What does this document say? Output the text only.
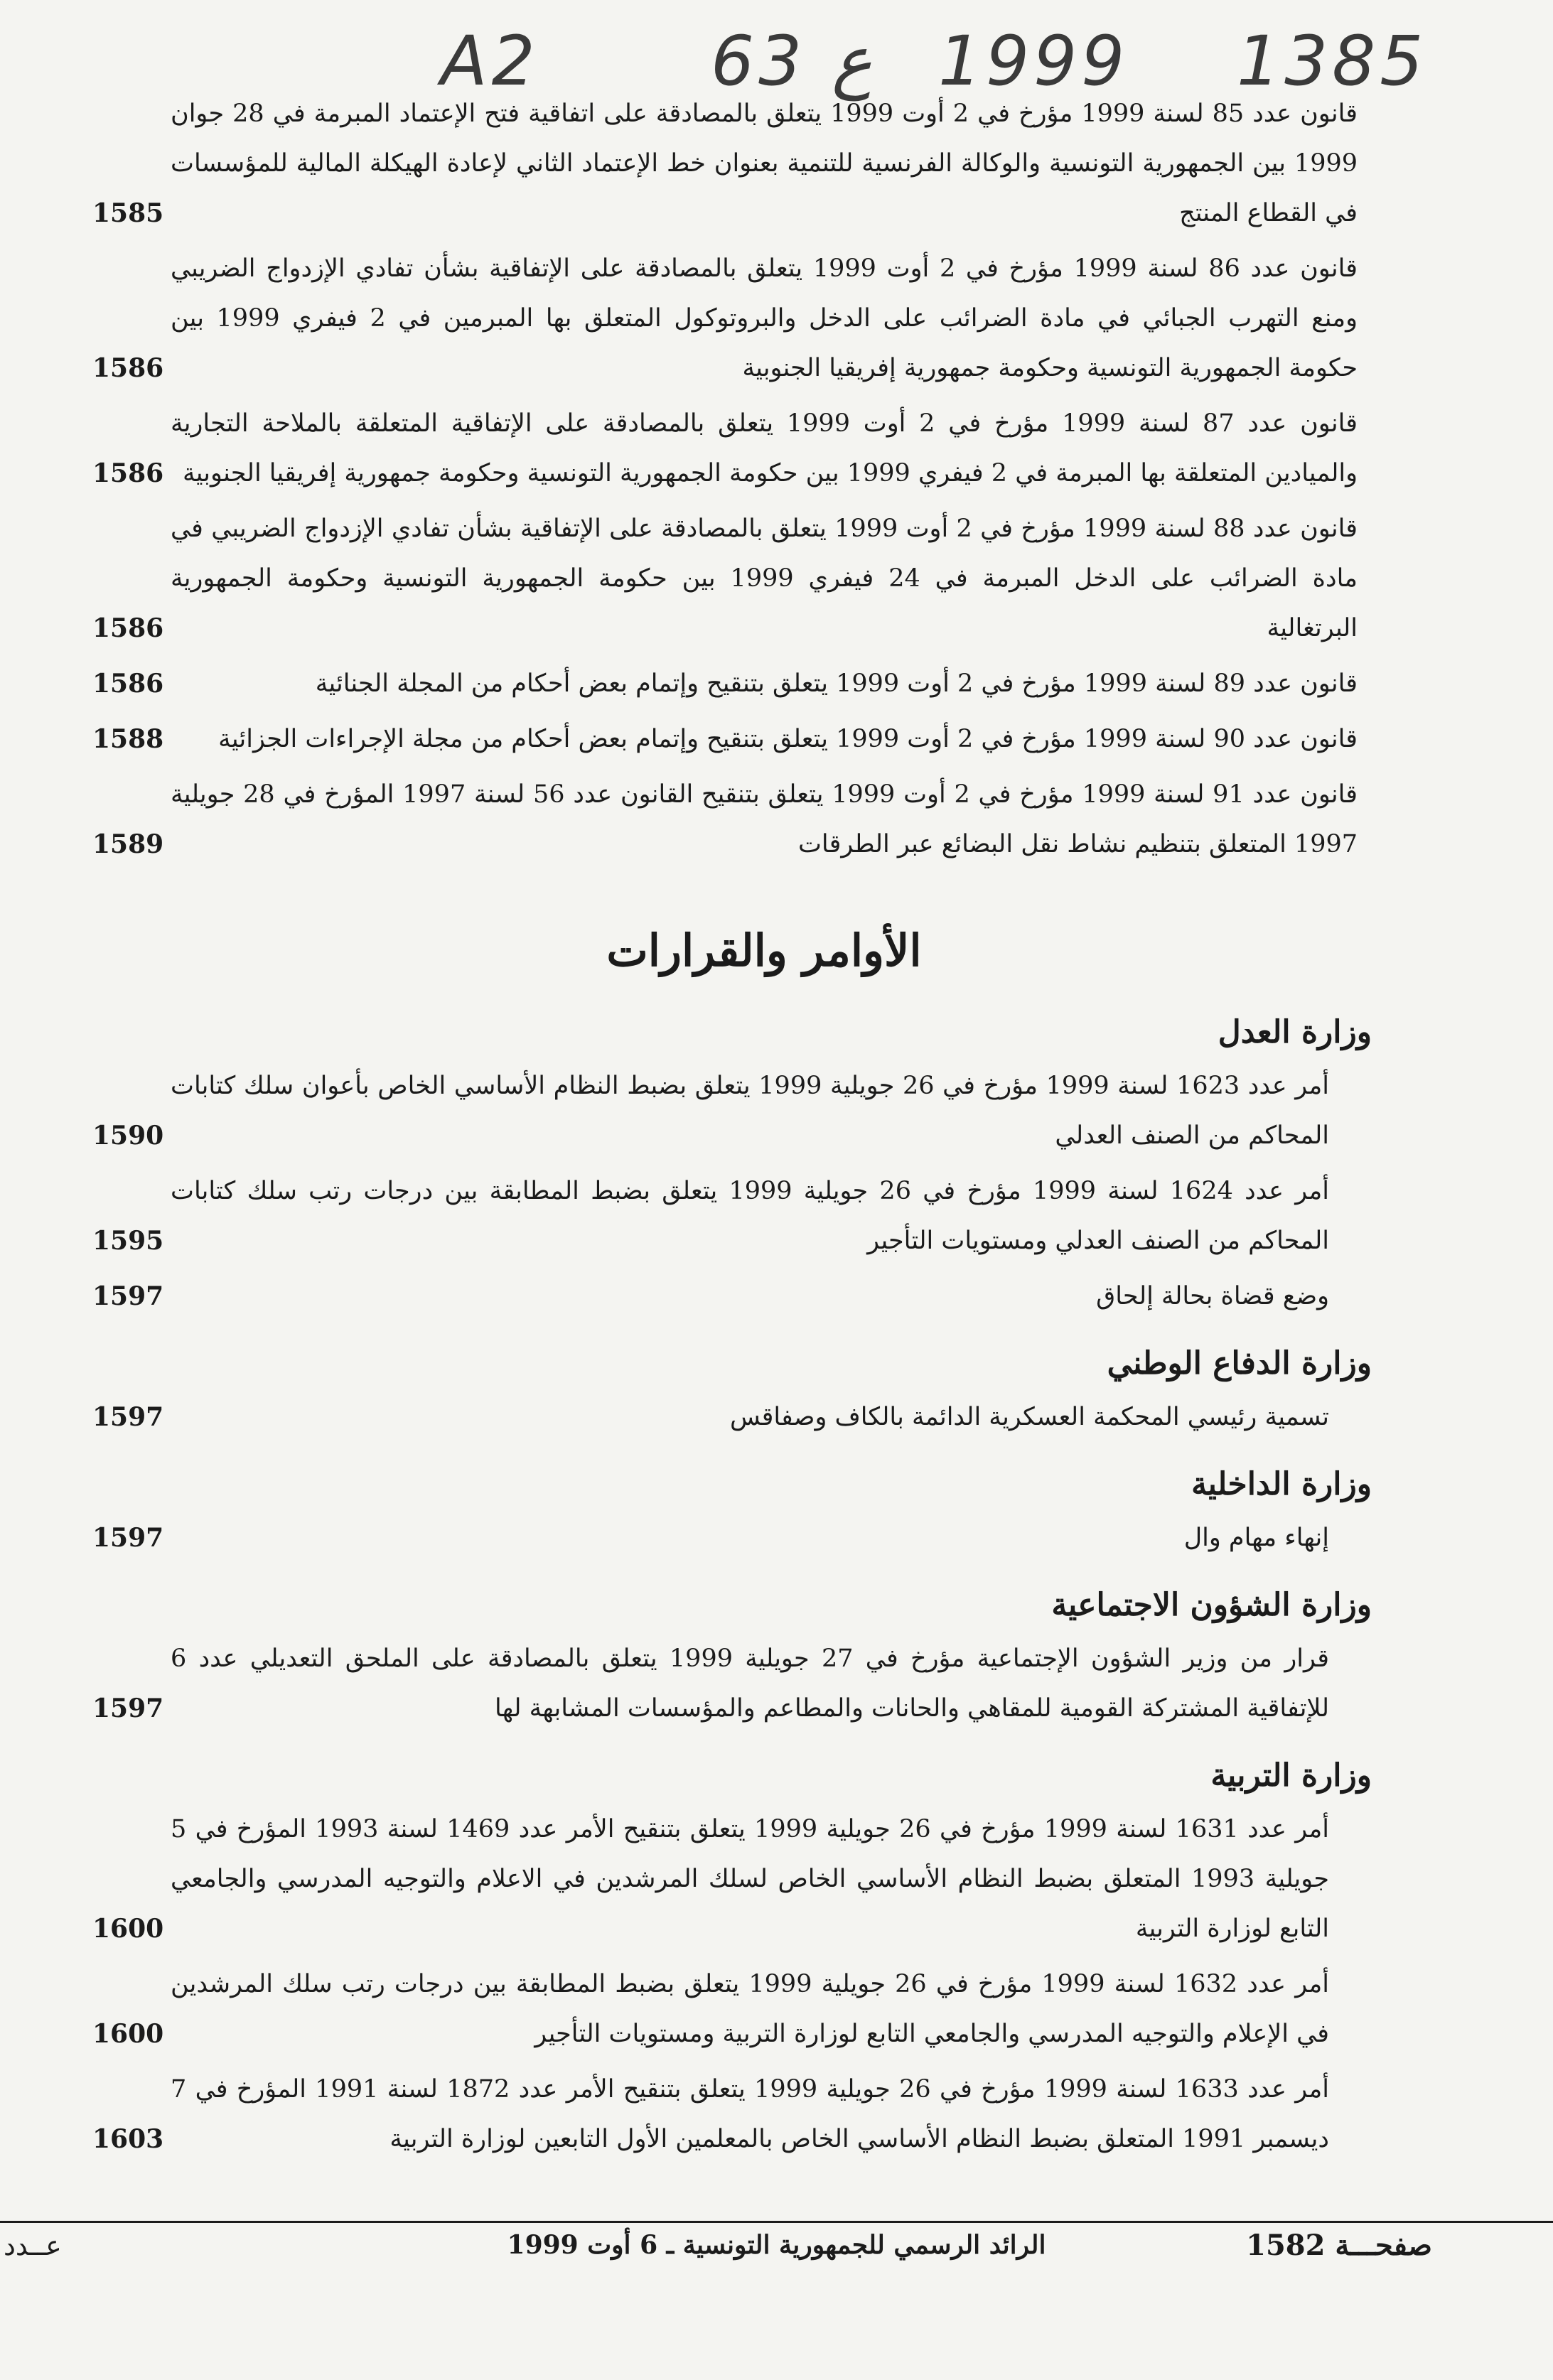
A2	63 ع 1999 1385
قانون عدد 85 لسنة 1999 مؤرخ في 2 أوت 1999 يتعلق بالمصادقة على اتفاقية فتح الإعتماد المبرمة في 28 جوان 1999 بين الجمهورية التونسية والوكالة الفرنسية للتنمية بعنوان خط الإعتماد الثاني لإعادة الهيكلة المالية للمؤسسات في القطاع المنتج
1585
قانون عدد 86 لسنة 1999 مؤرخ في 2 أوت 1999 يتعلق بالمصادقة على الإتفاقية بشأن تفادي الإزدواج الضريبي ومنع التهرب الجبائي في مادة الضرائب على الدخل والبروتوكول المتعلق بها المبرمين في 2 فيفري 1999 بين حكومة الجمهورية التونسية وحكومة جمهورية إفريقيا الجنوبية
1586
قانون عدد 87 لسنة 1999 مؤرخ في 2 أوت 1999 يتعلق بالمصادقة على الإتفاقية المتعلقة بالملاحة التجارية والميادين المتعلقة بها المبرمة في 2 فيفري 1999 بين حكومة الجمهورية التونسية وحكومة جمهورية إفريقيا الجنوبية
1586
قانون عدد 88 لسنة 1999 مؤرخ في 2 أوت 1999 يتعلق بالمصادقة على الإتفاقية بشأن تفادي الإزدواج الضريبي في مادة الضرائب على الدخل المبرمة في 24 فيفري 1999 بين حكومة الجمهورية التونسية وحكومة الجمهورية البرتغالية
1586
قانون عدد 89 لسنة 1999 مؤرخ في 2 أوت 1999 يتعلق بتنقيح وإتمام بعض أحكام من المجلة الجنائية
1586
قانون عدد 90 لسنة 1999 مؤرخ في 2 أوت 1999 يتعلق بتنقيح وإتمام بعض أحكام من مجلة الإجراءات الجزائية
1588
قانون عدد 91 لسنة 1999 مؤرخ في 2 أوت 1999 يتعلق بتنقيح القانون عدد 56 لسنة 1997 المؤرخ في 28 جويلية 1997 المتعلق بتنظيم نشاط نقل البضائع عبر الطرقات
1589
الأوامر والقرارات
وزارة العدل
أمر عدد 1623 لسنة 1999 مؤرخ في 26 جويلية 1999 يتعلق بضبط النظام الأساسي الخاص بأعوان سلك كتابات المحاكم من الصنف العدلي
1590
أمر عدد 1624 لسنة 1999 مؤرخ في 26 جويلية 1999 يتعلق بضبط المطابقة بين درجات رتب سلك كتابات المحاكم من الصنف العدلي ومستويات التأجير
1595
وضع قضاة بحالة إلحاق
1597
وزارة الدفاع الوطني
تسمية رئيسي المحكمة العسكرية الدائمة بالكاف وصفاقس
1597
وزارة الداخلية
إنهاء مهام وال
1597
وزارة الشؤون الاجتماعية
قرار من وزير الشؤون الإجتماعية مؤرخ في 27 جويلية 1999 يتعلق بالمصادقة على الملحق التعديلي عدد 6 للإتفاقية المشتركة القومية للمقاهي والحانات والمطاعم والمؤسسات المشابهة لها
1597
وزارة التربية
أمر عدد 1631 لسنة 1999 مؤرخ في 26 جويلية 1999 يتعلق بتنقيح الأمر عدد 1469 لسنة 1993 المؤرخ في 5 جويلية 1993 المتعلق بضبط النظام الأساسي الخاص لسلك المرشدين في الاعلام والتوجيه المدرسي والجامعي التابع لوزارة التربية
1600
أمر عدد 1632 لسنة 1999 مؤرخ في 26 جويلية 1999 يتعلق بضبط المطابقة بين درجات رتب سلك المرشدين في الإعلام والتوجيه المدرسي والجامعي التابع لوزارة التربية ومستويات التأجير
1600
أمر عدد 1633 لسنة 1999 مؤرخ في 26 جويلية 1999 يتعلق بتنقيح الأمر عدد 1872 لسنة 1991 المؤرخ في 7 ديسمبر 1991 المتعلق بضبط النظام الأساسي الخاص بالمعلمين الأول التابعين لوزارة التربية
1603
صفحـــة 1582
الرائد الرسمي للجمهورية التونسية ـ 6 أوت 1999
عــدد
